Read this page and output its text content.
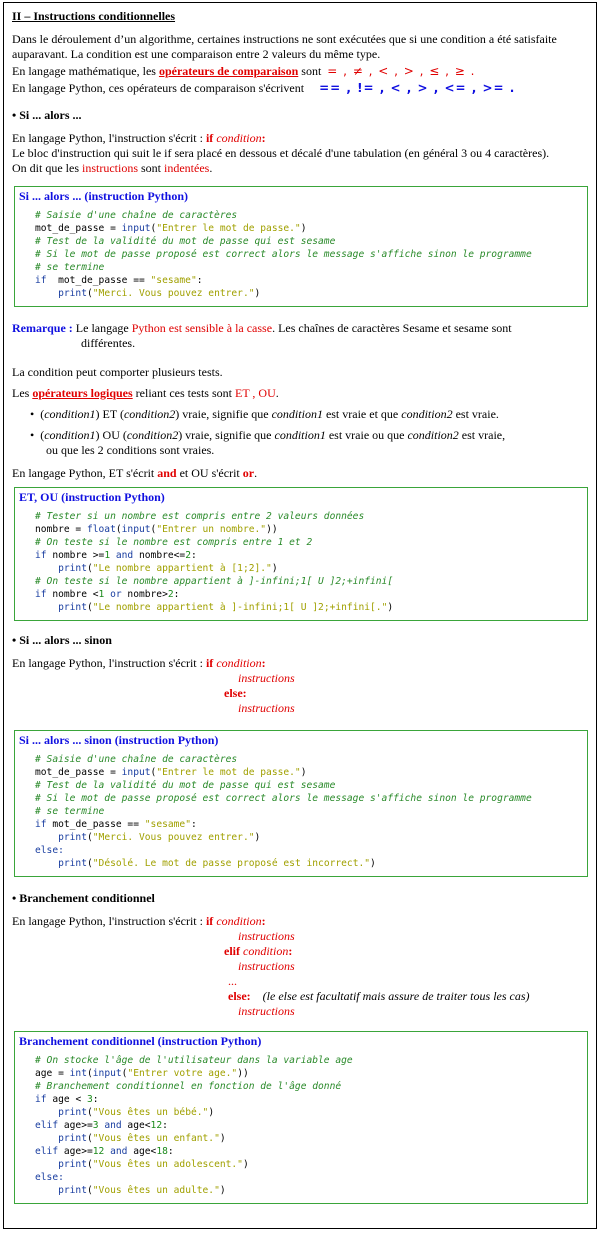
II – Instructions conditionnelles

Dans le déroulement d’un algorithme, certaines instructions ne sont exécutées que si une condition a été satisfaite auparavant. La condition est une comparaison entre 2 valeurs du même type.

En langage mathématique, les opérateurs de comparaison sont  = , ≠ , < , > , ≤ , ≥ .

En langage Python, ces opérateurs de comparaison s'écrivent == , != , < , > , <= , >= .

• Si ... alors ...

En langage Python, l'instruction s'écrit : if condition:

Le bloc d'instruction qui suit le if sera placé en dessous et décalé d'une tabulation (en général 3 ou 4 caractères).

On dit que les instructions sont indentées.

Si ... alors ... (instruction Python)
# Saisie d'une chaîne de caractères
mot_de_passe = input("Entrer le mot de passe.")
# Test de la validité du mot de passe qui est sesame
# Si le mot de passe proposé est correct alors le message s'affiche sinon le programme
# se termine
if  mot_de_passe == "sesame":
print("Merci. Vous pouvez entrer.")

Remarque : Le langage Python est sensible à la casse. Les chaînes de caractères Sesame et sesame sont

différentes.

La condition peut comporter plusieurs tests.

Les opérateurs logiques reliant ces tests sont ET , OU.

•  (condition1) ET (condition2) vraie, signifie que condition1 est vraie et que condition2 est vraie.

•  (condition1) OU (condition2) vraie, signifie que condition1 est vraie ou que condition2 est vraie,

ou que les 2 conditions sont vraies.

En langage Python, ET s'écrit and et OU s'écrit or.

ET, OU (instruction Python)
# Tester si un nombre est compris entre 2 valeurs données
nombre = float(input("Entrer un nombre."))
# On teste si le nombre est compris entre 1 et 2
if nombre >=1 and nombre<=2:
print("Le nombre appartient à [1;2].")
# On teste si le nombre appartient à ]-infini;1[ U ]2;+infini[
if nombre <1 or nombre>2:
print("Le nombre appartient à ]-infini;1[ U ]2;+infini[.")

• Si ... alors ... sinon

En langage Python, l'instruction s'écrit : if condition:

instructions

else:

instructions

Si ... alors ... sinon (instruction Python)
# Saisie d'une chaîne de caractères
mot_de_passe = input("Entrer le mot de passe.")
# Test de la validité du mot de passe qui est sesame
# Si le mot de passe proposé est correct alors le message s'affiche sinon le programme
# se termine
if mot_de_passe == "sesame":
print("Merci. Vous pouvez entrer.")
else:
print("Désolé. Le mot de passe proposé est incorrect.")

• Branchement conditionnel

En langage Python, l'instruction s'écrit : if condition:

instructions

elif condition:

instructions

...

else: (le else est facultatif mais assure de traiter tous les cas)

instructions

Branchement conditionnel (instruction Python)
# On stocke l'âge de l'utilisateur dans la variable age
age = int(input("Entrer votre age."))
# Branchement conditionnel en fonction de l'âge donné
if age < 3:
print("Vous êtes un bébé.")
elif age>=3 and age<12:
print("Vous êtes un enfant.")
elif age>=12 and age<18:
print("Vous êtes un adolescent.")
else:
print("Vous êtes un adulte.")
